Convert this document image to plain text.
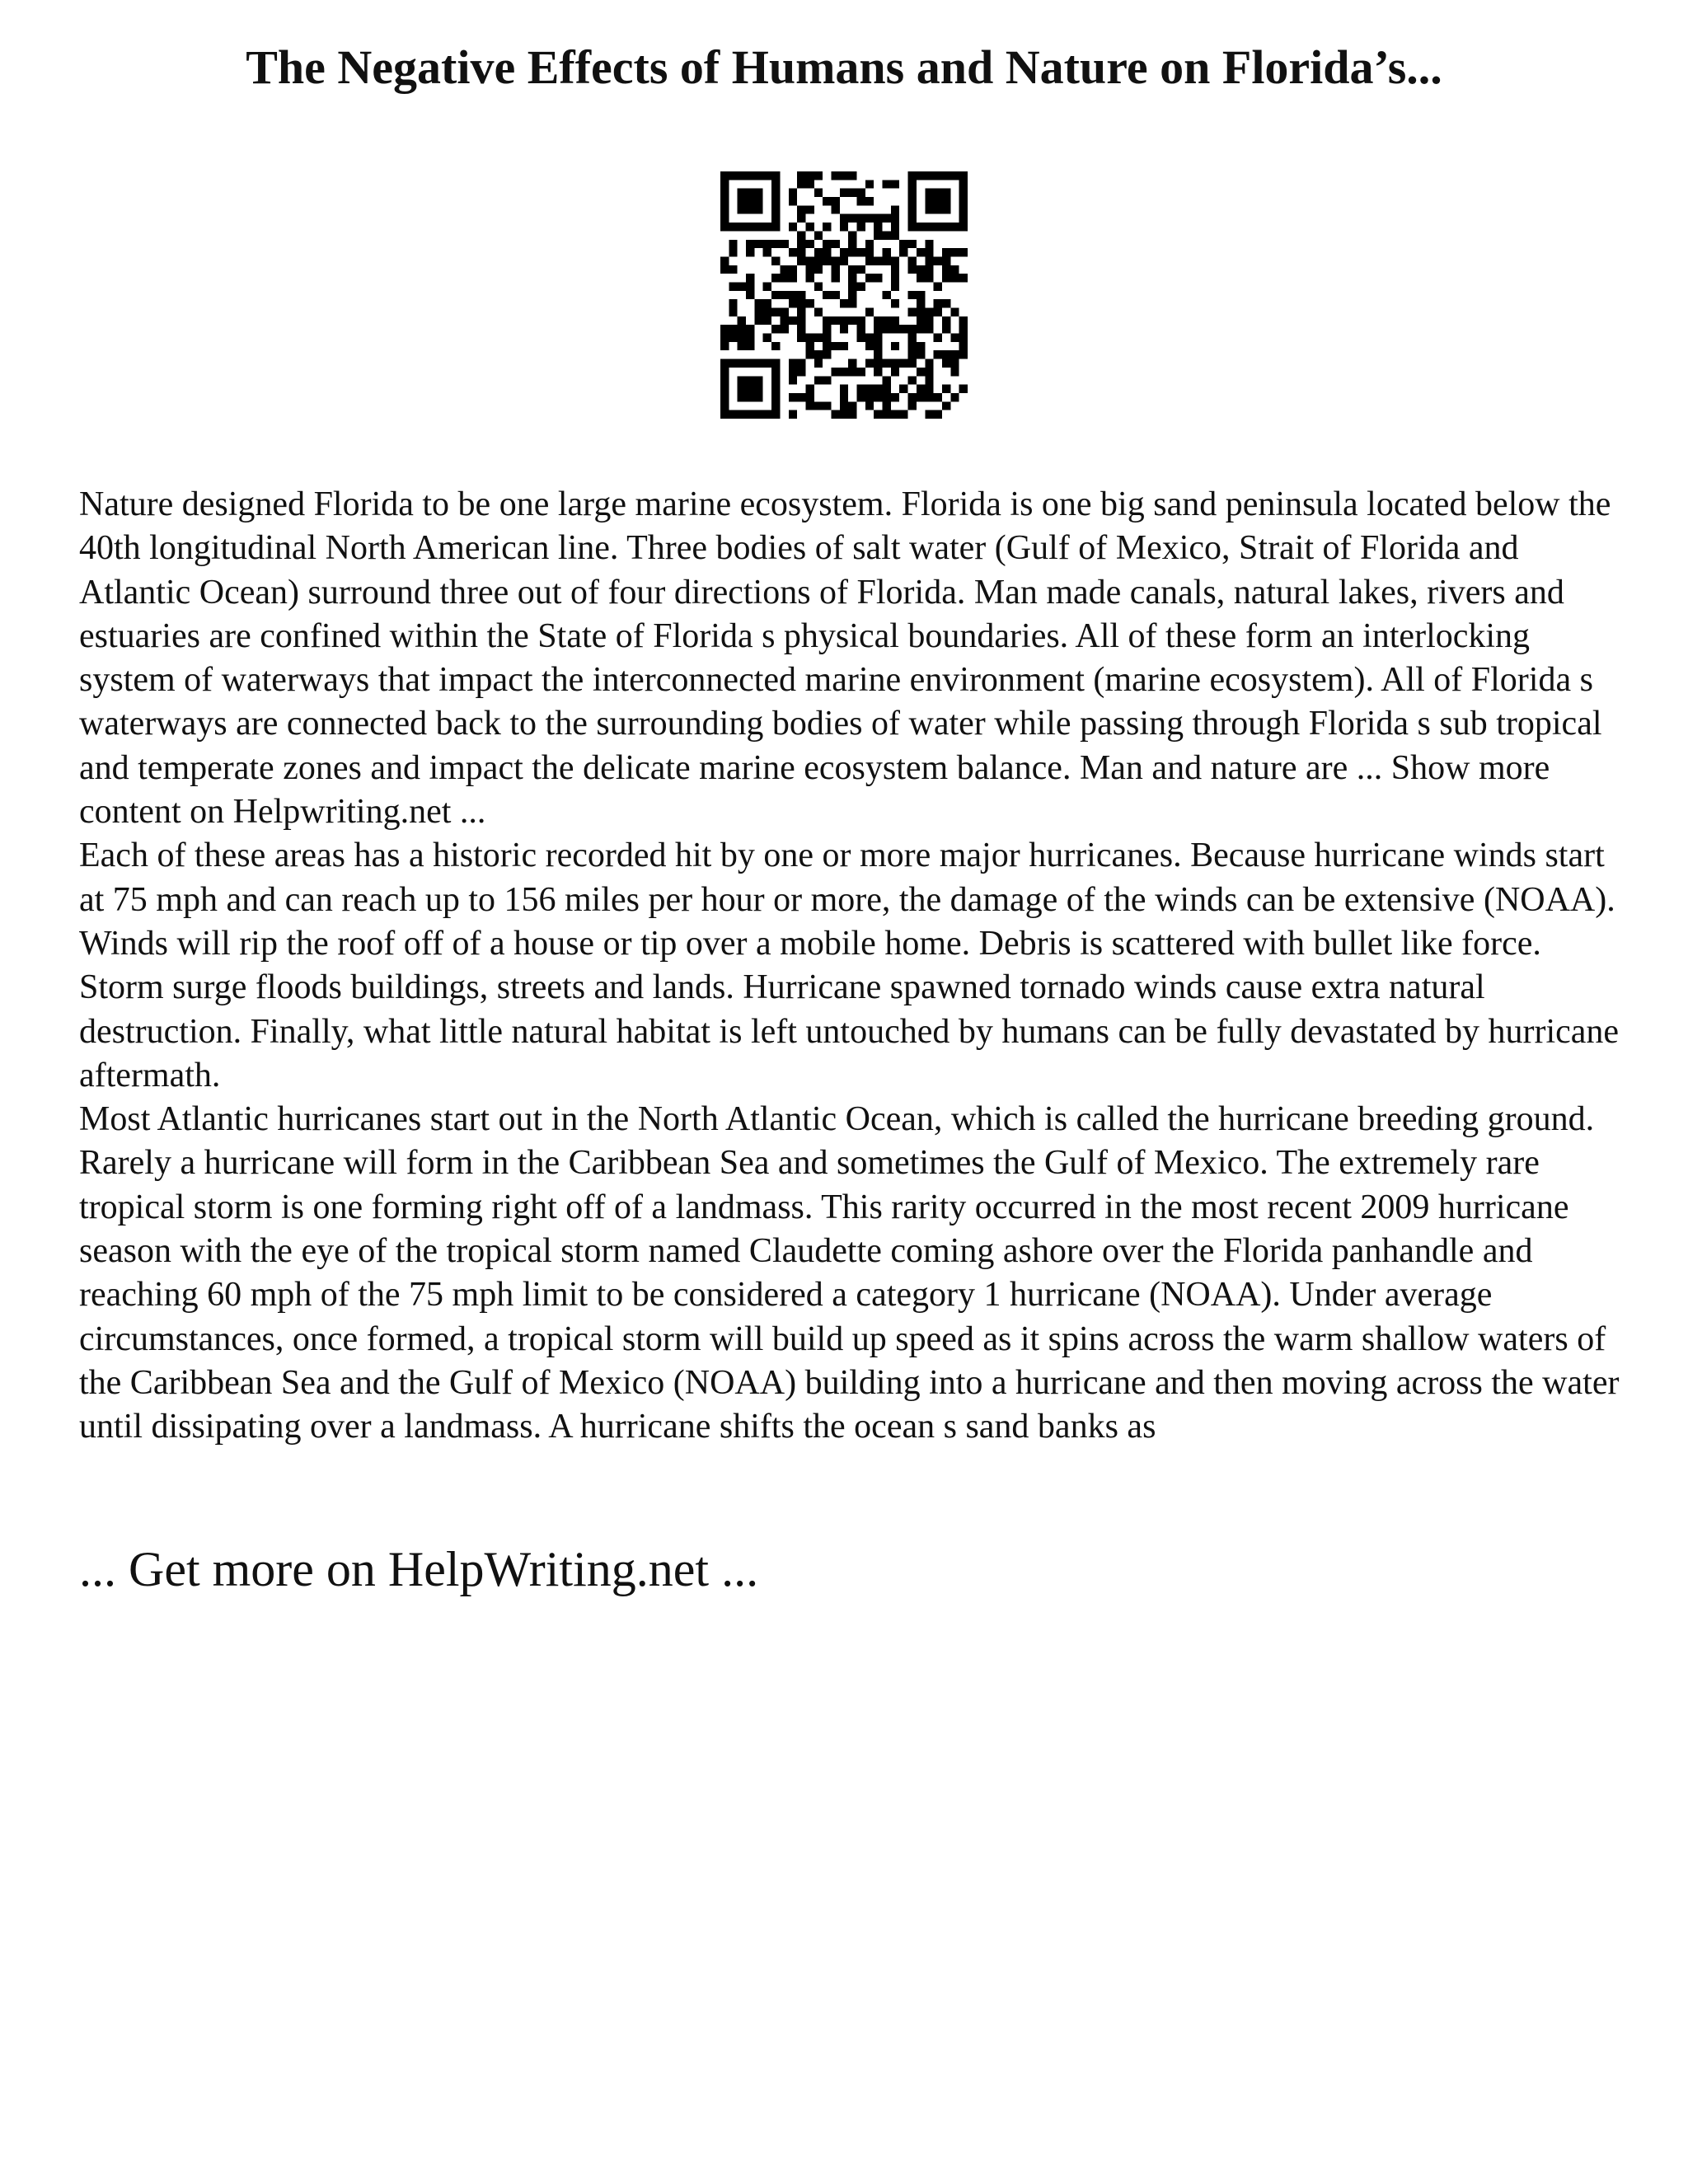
The Negative Effects of Humans and Nature on Florida’s...

Nature designed Florida to be one large marine ecosystem. Florida is one big sand peninsula located below the 40th longitudinal North American line. Three bodies of salt water (Gulf of Mexico, Strait of Florida and Atlantic Ocean) surround three out of four directions of Florida. Man made canals, natural lakes, rivers and estuaries are confined within the State of Florida s physical boundaries. All of these form an interlocking system of waterways that impact the interconnected marine environment (marine ecosystem). All of Florida s waterways are connected back to the surrounding bodies of water while passing through Florida s sub tropical and temperate zones and impact the delicate marine ecosystem balance. Man and nature are ... Show more content on Helpwriting.net ...

Each of these areas has a historic recorded hit by one or more major hurricanes. Because hurricane winds start at 75 mph and can reach up to 156 miles per hour or more, the damage of the winds can be extensive (NOAA). Winds will rip the roof off of a house or tip over a mobile home. Debris is scattered with bullet like force. Storm surge floods buildings, streets and lands. Hurricane spawned tornado winds cause extra natural destruction. Finally, what little natural habitat is left untouched by humans can be fully devastated by hurricane aftermath.

Most Atlantic hurricanes start out in the North Atlantic Ocean, which is called the hurricane breeding ground. Rarely a hurricane will form in the Caribbean Sea and sometimes the Gulf of Mexico. The extremely rare tropical storm is one forming right off of a landmass. This rarity occurred in the most recent 2009 hurricane season with the eye of the tropical storm named Claudette coming ashore over the Florida panhandle and reaching 60 mph of the 75 mph limit to be considered a category 1 hurricane (NOAA). Under average circumstances, once formed, a tropical storm will build up speed as it spins across the warm shallow waters of the Caribbean Sea and the Gulf of Mexico (NOAA) building into a hurricane and then moving across the water until dissipating over a landmass. A hurricane shifts the ocean s sand banks as

... Get more on HelpWriting.net ...
